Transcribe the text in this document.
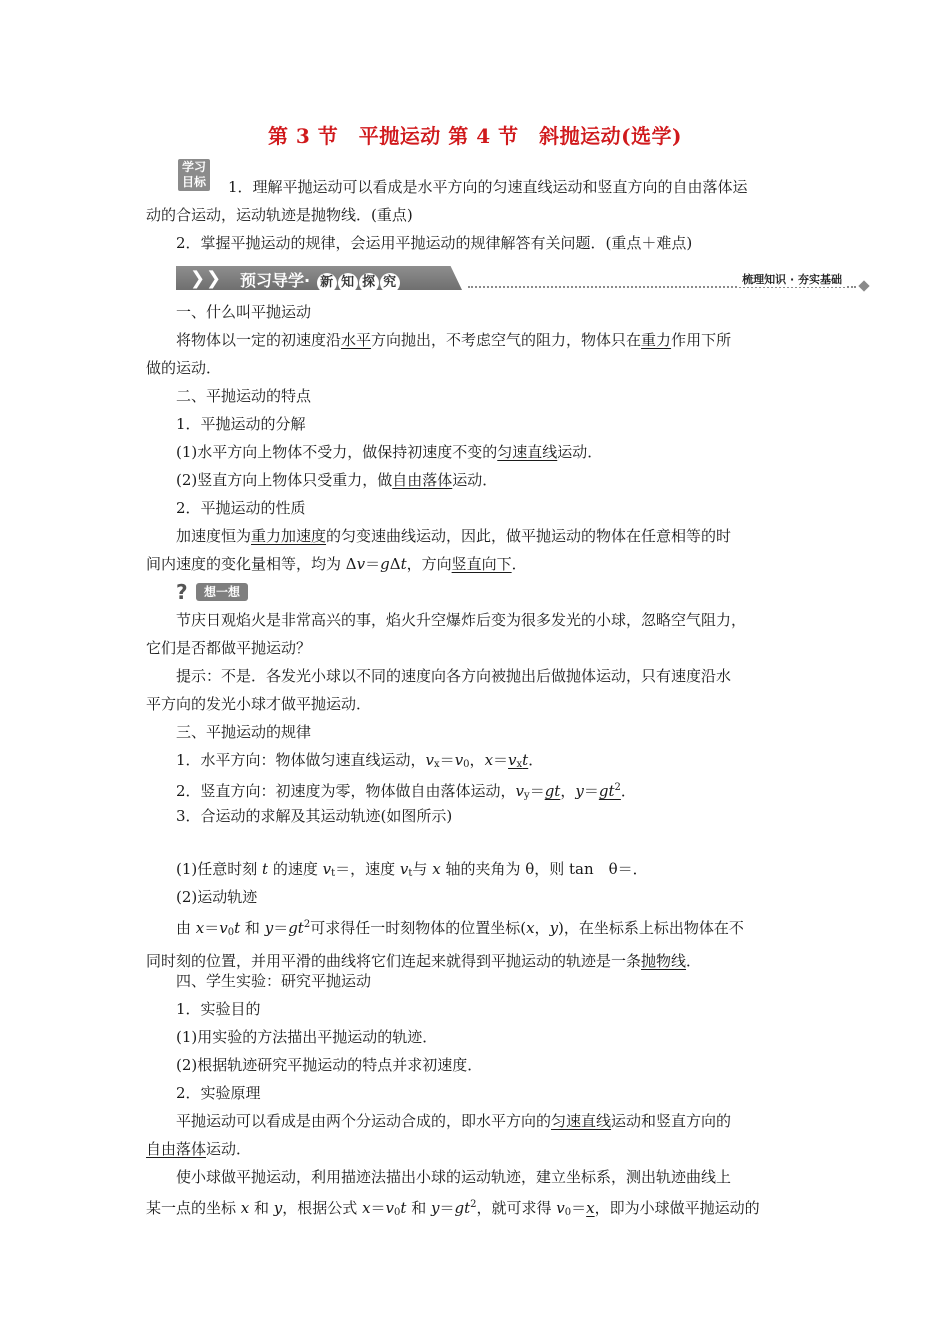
第 3 节　平抛运动 第 4 节　斜抛运动(选学)
学习
目标	1．理解平抛运动可以看成是水平方向的匀速直线运动和竖直方向的自由落体运
动的合运动，运动轨迹是抛物线．(重点)
2．掌握平抛运动的规律，会运用平抛运动的规律解答有关问题．(重点＋难点)
❯ ❯ 预习导学· 新 知 探 究	梳理知识 · 夯实基础
一、什么叫平抛运动
将物体以一定的初速度沿水平方向抛出，不考虑空气的阻力，物体只在重力作用下所
做的运动．
二、平抛运动的特点
1．平抛运动的分解
(1)水平方向上物体不受力，做保持初速度不变的匀速直线运动．
(2)竖直方向上物体只受重力，做自由落体运动．
2．平抛运动的性质
加速度恒为重力加速度的匀变速曲线运动，因此，做平抛运动的物体在任意相等的时
间内速度的变化量相等，均为 Δv＝gΔt，方向竖直向下．
?	想一想
节庆日观焰火是非常高兴的事，焰火升空爆炸后变为很多发光的小球，忽略空气阻力，
它们是否都做平抛运动？
提示：不是．各发光小球以不同的速度向各方向被抛出后做抛体运动，只有速度沿水
平方向的发光小球才做平抛运动．
三、平抛运动的规律
1．水平方向：物体做匀速直线运动，$v_x=v_0$，$x=v_xt$．
2．竖直方向：初速度为零，物体做自由落体运动，$v_y=gt$，$y=gt^2$．
3．合运动的求解及其运动轨迹(如图所示)
(1)任意时刻 t 的速度 $v_t=$，速度 $v_t$与 x 轴的夹角为 θ，则 tan　θ＝．
(2)运动轨迹
由 $x=v_0t$ 和 $y=gt^2$可求得任一时刻物体的位置坐标(x，y)，在坐标系上标出物体在不
同时刻的位置，并用平滑的曲线将它们连起来就得到平抛运动的轨迹是一条抛物线．
四、学生实验：研究平抛运动
1．实验目的
(1)用实验的方法描出平抛运动的轨迹．
(2)根据轨迹研究平抛运动的特点并求初速度．
2．实验原理
平抛运动可以看成是由两个分运动合成的，即水平方向的匀速直线运动和竖直方向的
自由落体运动．
使小球做平抛运动，利用描迹法描出小球的运动轨迹，建立坐标系，测出轨迹曲线上
某一点的坐标 x 和 y，根据公式 $x=v_0t$ 和 $y=gt^2$，就可求得 $v_0=x$，即为小球做平抛运动的
